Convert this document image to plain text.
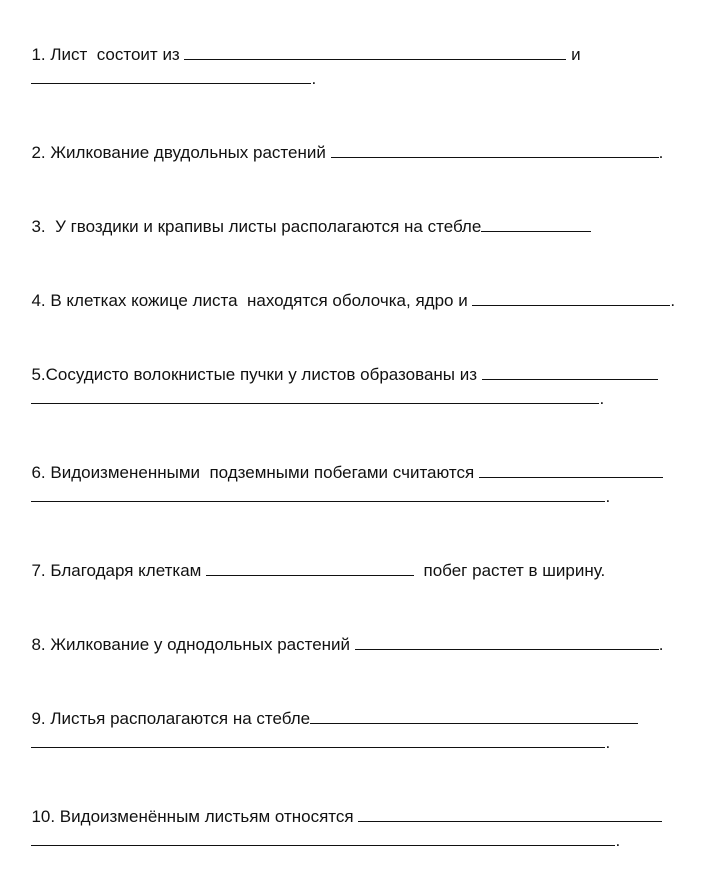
1. Лист  состоит из	и

.

2. Жилкование двудольных растений	.

3.  У гвоздики и крапивы листы располагаются на стебле

4. В клетках кожице листа  находятся оболочка, ядро и	.

5.Сосудисто волокнистые пучки у листов образованы из

.

6. Видоизмененными  подземными побегами считаются

.

7. Благодаря клеткам	побег растет в ширину.

8. Жилкование у однодольных растений	.

9. Листья располагаются на стебле

.

10. Видоизменённым листьям относятся

.
